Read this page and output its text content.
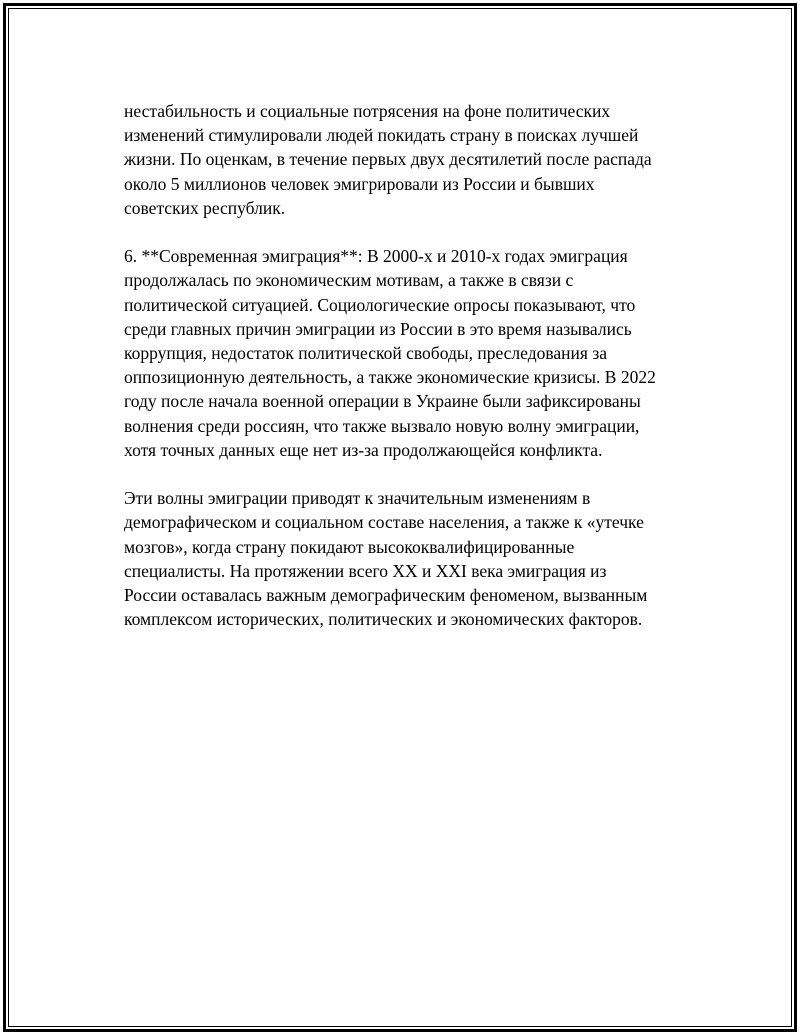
нестабильность и социальные потрясения на фоне политических
изменений стимулировали людей покидать страну в поисках лучшей
жизни. По оценкам, в течение первых двух десятилетий после распада
около 5 миллионов человек эмигрировали из России и бывших
советских республик.

6. **Современная эмиграция**: В 2000-х и 2010-х годах эмиграция
продолжалась по экономическим мотивам, а также в связи с
политической ситуацией. Социологические опросы показывают, что
среди главных причин эмиграции из России в это время назывались
коррупция, недостаток политической свободы, преследования за
оппозиционную деятельность, а также экономические кризисы. В 2022
году после начала военной операции в Украине были зафиксированы
волнения среди россиян, что также вызвало новую волну эмиграции,
хотя точных данных еще нет из-за продолжающейся конфликта.

Эти волны эмиграции приводят к значительным изменениям в
демографическом и социальном составе населения, а также к «утечке
мозгов», когда страну покидают высококвалифицированные
специалисты. На протяжении всего XX и XXI века эмиграция из
России оставалась важным демографическим феноменом, вызванным
комплексом исторических, политических и экономических факторов.
